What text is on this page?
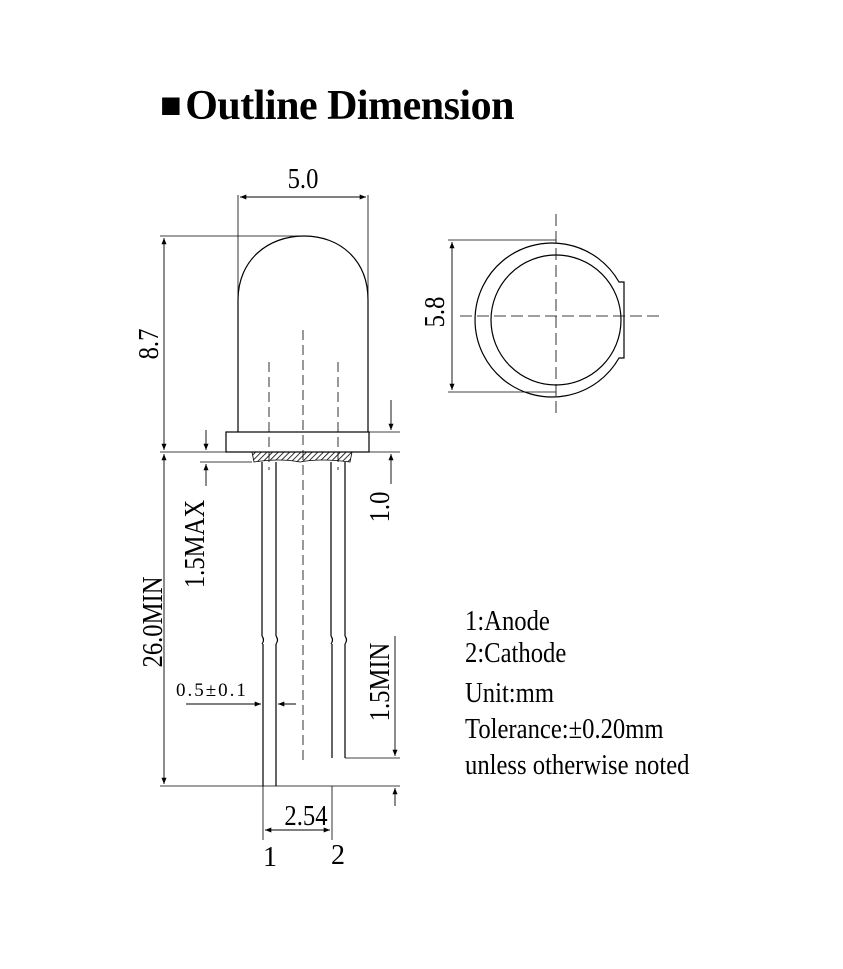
■Outline Dimension
5.0
8.7
5.8
1.0
1.5MAX
26.0MIN
1.5MIN
0.5±0.1
2.54
1 2
1:Anode
2:Cathode
Unit:mm
Tolerance:±0.20mm
unless otherwise noted
